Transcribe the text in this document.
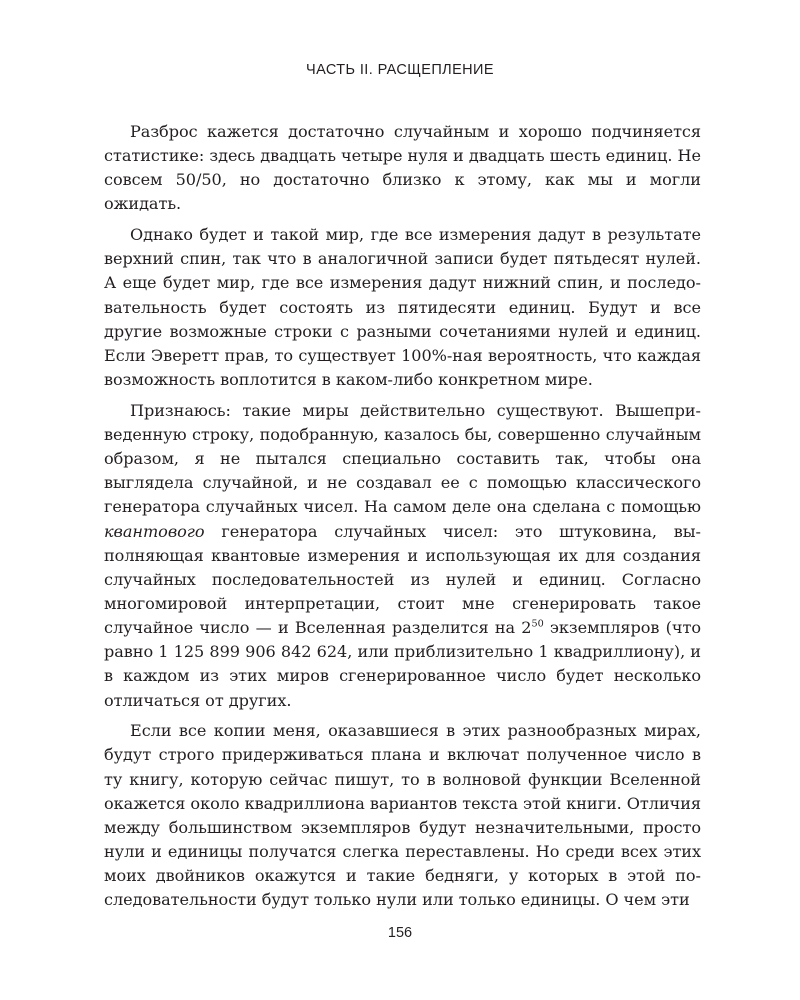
ЧАСТЬ II. РАСЩЕПЛЕНИЕ

Разброс кажется достаточно случайным и хорошо подчиняется статистике: здесь двадцать четыре нуля и двадцать шесть единиц. Не совсем 50/50, но достаточно близко к этому, как мы и могли ожидать.

Однако будет и такой мир, где все измерения дадут в результате верхний спин, так что в аналогичной записи будет пятьдесят нулей. А еще будет мир, где все измерения дадут нижний спин, и последовательность будет состоять из пятидесяти единиц. Будут и все другие возможные строки с разными сочетаниями нулей и единиц. Если Эверетт прав, то существует 100%-ная вероятность, что каждая возможность воплотится в каком-либо конкретном мире.

Признаюсь: такие миры действительно существуют. Вышеприведенную строку, подобранную, казалось бы, совершенно случайным образом, я не пытался специально составить так, чтобы она выглядела случайной, и не создавал ее с помощью классического генератора случайных чисел. На самом деле она сделана с помощью квантового генератора случайных чисел: это штуковина, выполняющая квантовые измерения и использующая их для создания случайных последовательностей из нулей и единиц. Согласно многомировой интерпретации, стоит мне сгенерировать такое случайное число — и Вселенная разделится на $2^{50}$ экземпляров (что равно 1 125 899 906 842 624, или приблизительно 1 квадриллиону), и в каждом из этих миров сгенерированное число будет несколько отличаться от других.

Если все копии меня, оказавшиеся в этих разнообразных мирах, будут строго придерживаться плана и включат полученное число в ту книгу, которую сейчас пишут, то в волновой функции Вселенной окажется около квадриллиона вариантов текста этой книги. Отличия между большинством экземпляров будут незначительными, просто нули и единицы получатся слегка переставлены. Но среди всех этих моих двойников окажутся и такие бедняги, у которых в этой последовательности будут только нули или только единицы. О чем эти

156
